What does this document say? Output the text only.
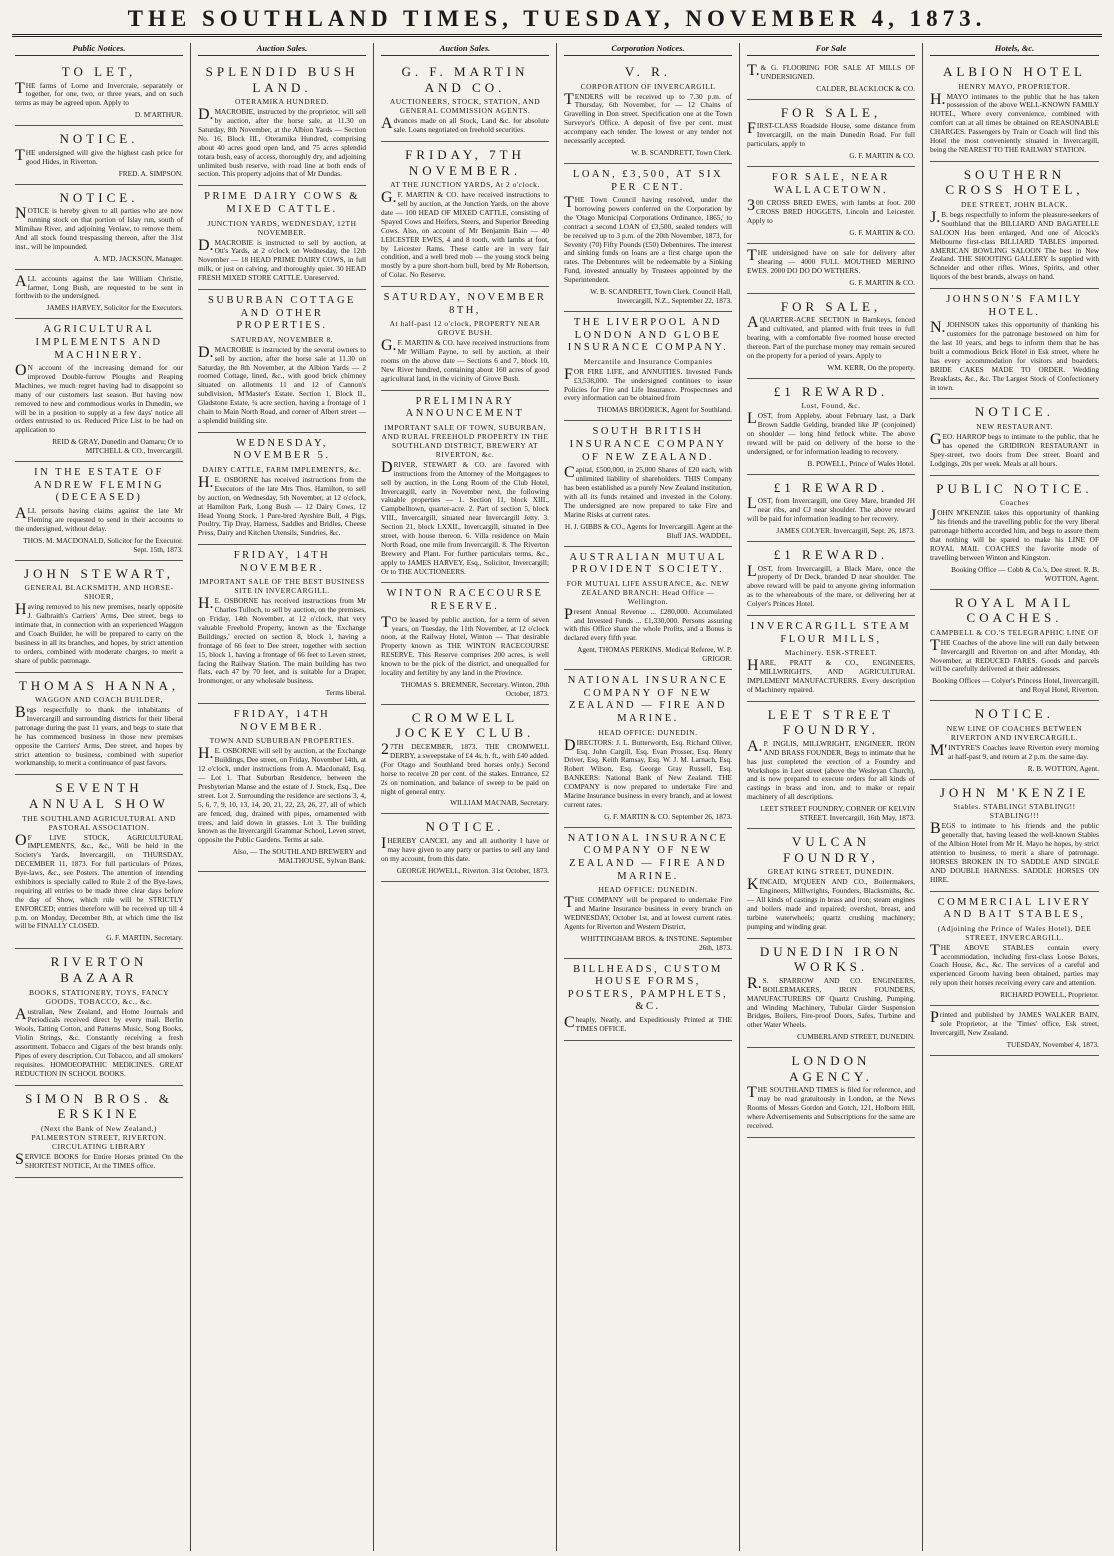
THE SOUTHLAND TIMES, TUESDAY, NOVEMBER 4, 1873.
Public Notices.
TO LET,
THE farms of Lorne and Invercraie, separately or together, for one, two, or three years, and on such terms as may be agreed upon. Apply to
D. M'ARTHUR.
NOTICE.
THE undersigned will give the highest cash price for good Hides, in Riverton.
FRED. A. SIMPSON.
NOTICE.
NOTICE is hereby given to all parties who are now running stock on that portion of Islay run, south of Mimihau River, and adjoining Venlaw, to remove them. And all stock found trespassing thereon, after the 31st inst., will be impounded.
A. M'D. JACKSON, Manager.
ALL accounts against the late William Christie, farmer, Long Bush, are requested to be sent in forthwith to the undersigned.
JAMES HARVEY, Solicitor for the Executors.
AGRICULTURAL IMPLEMENTS AND MACHINERY.
ON account of the increasing demand for our improved Double-furrow Ploughs and Reaping Machines, we much regret having had to disappoint so many of our customers last season. But having now removed to new and commodious works in Dunedin, we will be in a position to supply at a few days' notice all orders entrusted to us. Reduced Price List to be had on application to
REID & GRAY, Dunedin and Oamaru; Or to MITCHELL & CO., Invercargill.
IN THE ESTATE OF ANDREW FLEMING (DECEASED)
ALL persons having claims against the late Mr Fleming are requested to send in their accounts to the undersigned, without delay.
THOS. M. MACDONALD, Solicitor for the Executor. Sept. 15th, 1873.
JOHN STEWART,
GENERAL BLACKSMITH, AND HORSE-SHOER,
Having removed to his new premises, nearly opposite J. Galbraith's Carriers' Arms, Dee street, begs to intimate that, in connection with an experienced Waggon and Coach Builder, he will be prepared to carry on the business in all its branches, and hopes, by strict attention to orders, combined with moderate charges, to merit a share of public patronage.
THOMAS HANNA,
WAGGON AND COACH BUILDER,
Begs respectfully to thank the inhabitants of Invercargill and surrounding districts for their liberal patronage during the past 11 years, and begs to state that he has commenced business in those new premises opposite the Carriers' Arms, Dee street, and hopes by strict attention to business, combined with superior workmanship, to merit a continuance of past favors.
SEVENTH ANNUAL SHOW
THE SOUTHLAND AGRICULTURAL AND PASTORAL ASSOCIATION.
OF LIVE STOCK, AGRICULTURAL IMPLEMENTS, &c., &c., Will be held in the Society's Yards, Invercargill, on THURSDAY, DECEMBER 11, 1873. For full particulars of Prizes, Bye-laws, &c., see Posters. The attention of intending exhibitors is specially called to Rule 2 of the Bye-laws, requiring all entries to be made three clear days before the day of Show, which rule will be STRICTLY ENFORCED; entries therefore will be received up till 4 p.m. on Monday, December 8th, at which time the list will be FINALLY CLOSED.
G. F. MARTIN, Secretary.
RIVERTON BAZAAR
BOOKS, STATIONERY, TOYS, FANCY GOODS, TOBACCO, &c., &c.
Australian, New Zealand, and Home Journals and Periodicals received direct by every mail. Berlin Wools, Tatting Cotton, and Patterns Music, Song Books, Violin Strings, &c. Constantly receiving a fresh assortment. Tobacco and Cigars of the best brands only. Pipes of every description. Cut Tobacco, and all smokers' requisites. HOMOEOPATHIC MEDICINES. GREAT REDUCTION IN SCHOOL BOOKS.
SIMON BROS. & ERSKINE
(Next the Bank of New Zealand,) PALMERSTON STREET, RIVERTON. CIRCULATING LIBRARY
SERVICE BOOKS for Entire Horses printed On the SHORTEST NOTICE, At the TIMES office.
Auction Sales.
SPLENDID BUSH LAND.
OTERAMIKA HUNDRED.
D.MACROBIE, instructed by the proprietor, will sell by auction, after the horse sale, at 11.30 on Saturday, 8th November, at the Albion Yards — Section No. 16, Block III., Oteramika Hundred, comprising about 40 acres good open land, and 75 acres splendid totara bush, easy of access, thoroughly dry, and adjoining unlimited bush reserve, with road line at both ends of section. This property adjoins that of Mr Dundas.
PRIME DAIRY COWS & MIXED CATTLE.
JUNCTION YARDS, WEDNESDAY, 12TH NOVEMBER.
D.MACROBIE is instructed to sell by auction, at Ott's Yards, at 2 o'clock on Wednesday, the 12th November — 18 HEAD PRIME DAIRY COWS, in full milk, or just on calving, and thoroughly quiet. 30 HEAD FRESH MIXED STORE CATTLE. Unreserved.
SUBURBAN COTTAGE AND OTHER PROPERTIES.
SATURDAY, NOVEMBER 8.
D.MACROBIE is instructed by the several owners to sell by auction, after the horse sale at 11.30 on Saturday, the 8th November, at the Albion Yards — 2 roomed Cottage, lined, &c., with good brick chimney situated on allotments 11 and 12 of Cannon's subdivision, M'Master's Estate. Section 1, Block II., Gladstone Estate, ¼ acre section, having a frontage of 1 chain to Main North Road, and corner of Albert street — a splendid building site.
WEDNESDAY, NOVEMBER 5.
DAIRY CATTLE, FARM IMPLEMENTS, &c.
H.E. OSBORNE has received instructions from the Executors of the late Mrs Thos. Hamilton, to sell by auction, on Wednesday, 5th November, at 12 o'clock, at Hamilton Park, Long Bush — 12 Dairy Cows, 12 Head Young Stock, 1 Pure-bred Ayrshire Bull, 4 Pigs, Poultry, Tip Dray, Harness, Saddles and Bridles, Cheese Press, Dairy and Kitchen Utensils, Sundries, &c.
FRIDAY, 14TH NOVEMBER.
IMPORTANT SALE OF THE BEST BUSINESS SITE IN INVERCARGILL.
H.E. OSBORNE has received instructions from Mr Charles Tulloch, to sell by auction, on the premises, on Friday, 14th November, at 12 o'clock, that very valuable Freehold Property, known as the 'Exchange Buildings,' erected on section 8, block 1, having a frontage of 66 feet to Dee street, together with section 15, block 1, having a frontage of 66 feet to Leven street, facing the Railway Station. The main building has two flats, each 47 by 70 feet, and is suitable for a Draper, Ironmonger, or any wholesale business.
Terms liberal.
FRIDAY, 14TH NOVEMBER.
TOWN AND SUBURBAN PROPERTIES.
H.E. OSBORNE will sell by auction, at the Exchange Buildings, Dee street, on Friday, November 14th, at 12 o'clock, under instructions from A. Macdonald, Esq. — Lot 1. That Suburban Residence, between the Presbyterian Manse and the estate of J. Stock, Esq., Dee street. Lot 2. Surrounding the residence are sections 3, 4, 5, 6, 7, 9, 10, 13, 14, 20, 21, 22, 23, 26, 27, all of which are fenced, dug, drained with pipes, ornamented with trees, and laid down in grasses. Lot 3. The building known as the Invercargill Grammar School, Leven street, opposite the Public Gardens. Terms at sale.
Also, — The SOUTHLAND BREWERY and MALTHOUSE, Sylvan Bank.
Auction Sales.
G. F. MARTIN AND CO.
AUCTIONEERS, STOCK, STATION, AND GENERAL COMMISSION AGENTS.
Advances made on all Stock, Land &c. for absolute sale. Loans negotiated on freehold securities.
FRIDAY, 7TH NOVEMBER.
AT THE JUNCTION YARDS, At 2 o'clock.
G.F. MARTIN & CO. have received instructions to sell by auction, at the Junction Yards, on the above date — 100 HEAD OF MIXED CATTLE, consisting of Spayed Cows and Heifers, Steers, and Superior Breeding Cows. Also, on account of Mr Benjamin Bain — 40 LEICESTER EWES, 4 and 8 tooth, with lambs at foot, by Leicester Rams. These cattle are in very fair condition, and a well bred mob — the young stock being mostly by a pure short-horn bull, bred by Mr Robertson, of Colac. No Reserve.
SATURDAY, NOVEMBER 8TH,
At half-past 12 o'clock, PROPERTY NEAR GROVE BUSH.
G.F. MARTIN & CO. have received instructions from Mr William Payne, to sell by auction, at their rooms on the above date — Sections 6 and 7, block 10, New River hundred, containing about 160 acres of good agricultural land, in the vicinity of Grove Bush.
PRELIMINARY ANNOUNCEMENT
IMPORTANT SALE OF TOWN, SUBURBAN, AND RURAL FREEHOLD PROPERTY IN THE SOUTHLAND DISTRICT, BREWERY AT RIVERTON, &c.
DRIVER, STEWART & CO. are favored with instructions from the Attorney of the Mortgagees to sell by auction, in the Long Room of the Club Hotel, Invercargill, early in November next, the following valuable properties — 1. Section 11, block XIII., Campbelltown, quarter-acre. 2. Part of section 5, block VIII., Invercargill, situated near Invercargill Jetty. 3. Section 21, block LXXII., Invercargill, situated in Dee street, with house thereon. 6. Villa residence on Main North Road, one mile from Invercargill. 8. The Riverton Brewery and Plant. For further particulars terms, &c., apply to JAMES HARVEY, Esq., Solicitor, Invercargill; Or to THE AUCTIONEERS.
WINTON RACECOURSE RESERVE.
TO be leased by public auction, for a term of seven years, on Tuesday, the 11th November, at 12 o'clock noon, at the Railway Hotel, Winton — That desirable Property known as THE WINTON RACECOURSE RESERVE. This Reserve comprises 200 acres, is well known to be the pick of the district, and unequalled for locality and fertility by any land in the Province.
THOMAS S. BREMNER, Secretary. Winton, 20th October, 1873.
CROMWELL JOCKEY CLUB.
27TH DECEMBER, 1873. THE CROMWELL DERBY, a sweepstake of £4 4s, h. ft., with £40 added. (For Otago and Southland bred horses only.) Second horse to receive 20 per cent. of the stakes. Entrance, £2 2s on nomination, and balance of sweep to be paid on night of general entry.
WILLIAM MACNAB, Secretary.
NOTICE.
IHEREBY CANCEL any and all authority I have or may have given to any party or parties to sell any land on my account, from this date.
GEORGE HOWELL, Riverton. 31st October, 1873.
Corporation Notices.
V. R.
CORPORATION OF INVERCARGILL
TENDERS will be received up to 7.30 p.m. of Thursday, 6th November, for — 12 Chains of Gravelling in Don street. Specification one at the Town Surveyor's Office. A deposit of five per cent. must accompany each tender. The lowest or any tender not necessarily accepted.
W. B. SCANDRETT, Town Clerk.
LOAN, £3,500, AT SIX PER CENT.
THE Town Council having resolved, under the borrowing powers conferred on the Corporation by the 'Otago Municipal Corporations Ordinance, 1865,' to contract a second LOAN of £3,500, sealed tenders will be received up to 3 p.m. of the 20th November, 1873, for Seventy (70) Fifty Pounds (£50) Debentures. The interest and sinking funds on loans are a first charge upon the rates. The Debentures will be redeemable by a Sinking Fund, invested annually by Trustees appointed by the Superintendent.
W. B. SCANDRETT, Town Clerk. Council Hall, Invercargill, N.Z., September 22, 1873.
THE LIVERPOOL AND LONDON AND GLOBE INSURANCE COMPANY.
Mercantile and Insurance Companies
FOR FIRE LIFE, and ANNUITIES. Invested Funds £3,538,000. The undersigned continues to issue Policies for Fire and Life Insurance. Prospectuses and every information can be obtained from
THOMAS BRODRICK, Agent for Southland.
SOUTH BRITISH INSURANCE COMPANY OF NEW ZEALAND.
Capital, £500,000, in 25,000 Shares of £20 each, with unlimited liability of shareholders. THIS Company has been established as a purely New Zealand institution, with all its funds retained and invested in the Colony. The undersigned are now prepared to take Fire and Marine Risks at current rates.
H. J. GIBBS & CO., Agents for Invercargill. Agent at the Bluff JAS. WADDEL.
AUSTRALIAN MUTUAL PROVIDENT SOCIETY.
FOR MUTUAL LIFE ASSURANCE, &c. NEW ZEALAND BRANCH: Head Office — Wellington.
Present Annual Revenue ... £280,000. Accumulated and Invested Funds ... £1,330,000. Persons assuring with this Office share the whole Profits, and a Bonus is declared every fifth year.
Agent, THOMAS PERKINS. Medical Referee, W. P. GRIGOR.
NATIONAL INSURANCE COMPANY OF NEW ZEALAND — FIRE AND MARINE.
HEAD OFFICE: DUNEDIN.
DIRECTORS: J. L. Butterworth, Esq. Richard Oliver, Esq. John Cargill, Esq. Evan Prosser, Esq. Henry Driver, Esq. Keith Ramsay, Esq. W. J. M. Larnach, Esq. Robert Wilson, Esq. George Gray Russell, Esq. BANKERS: National Bank of New Zealand. THE COMPANY is now prepared to undertake Fire and Marine Insurance business in every branch, and at lowest current rates.
G. F. MARTIN & CO. September 26, 1873.
NATIONAL INSURANCE COMPANY OF NEW ZEALAND — FIRE AND MARINE.
HEAD OFFICE: DUNEDIN.
THE COMPANY will be prepared to undertake Fire and Marine Insurance business in every branch on WEDNESDAY, October 1st, and at lowest current rates. Agents for Riverton and Western District,
WHITTINGHAM BROS. & INSTONE. September 26th, 1873.
BILLHEADS, CUSTOM HOUSE FORMS, POSTERS, PAMPHLETS, &C.
Cheaply, Neatly, and Expeditiously Printed at THE TIMES OFFICE.
For Sale
T.& G. FLOORING FOR SALE AT MILLS OF UNDERSIGNED.
CALDER, BLACKLOCK & CO.
FOR SALE,
FIRST-CLASS Roadside House, some distance from Invercargill, on the main Dunedin Road. For full particulars, apply to
G. F. MARTIN & CO.
FOR SALE, NEAR WALLACETOWN.
300 CROSS BRED EWES, with lambs at foot. 200 CROSS BRED HOGGETS, Lincoln and Leicester. Apply to
G. F. MARTIN & CO.
THE undersigned have on sale for delivery after shearing — 4000 FULL MOUTHED MERINO EWES. 2000 DO DO DO WETHERS.
G. F. MARTIN & CO.
FOR SALE,
AQUARTER-ACRE SECTION in Barnkeys, fenced and cultivated, and planted with fruit trees in full bearing, with a comfortable five roomed house erected thereon. Part of the purchase money may remain secured on the property for a period of years. Apply to
WM. KERR, On the property.
£1 REWARD.
Lost, Found, &c.
LOST, from Appleby, about February last, a Dark Brown Saddle Gelding, branded like JP (conjoined) on shoulder — long hind fetlock white. The above reward will be paid on delivery of the horse to the undersigned, or for information leading to recovery.
B. POWELL, Prince of Wales Hotel.
£1 REWARD.
LOST, from Invercargill, one Grey Mare, branded JH near ribs, and CJ near shoulder. The above reward will be paid for information leading to her recovery.
JAMES COLYER. Invercargill, Sept. 26, 1873.
£1 REWARD.
LOST, from Invercargill, a Black Mare, once the property of Dr Deck, branded D near shoulder. The above reward will be paid to anyone giving information as to the whereabouts of the mare, or delivering her at Colyer's Princes Hotel.
INVERCARGILL STEAM FLOUR MILLS,
Machinery. ESK-STREET.
HARE, PRATT & CO., ENGINEERS, MILLWRIGHTS, AND AGRICULTURAL IMPLEMENT MANUFACTURERS. Every description of Machinery repaired.
LEET STREET FOUNDRY.
A.P. INGLIS, MILLWRIGHT, ENGINEER, IRON AND BRASS FOUNDER, Begs to intimate that he has just completed the erection of a Foundry and Workshops in Leet street (above the Wesleyan Church), and is now prepared to execute orders for all kinds of castings in brass and iron, and to make or repair machinery of all descriptions.
LEET STREET FOUNDRY, CORNER OF KELVIN STREET. Invercargill, 16th May, 1873.
VULCAN FOUNDRY,
GREAT KING STREET, DUNEDIN.
KINCAID, M'QUEEN AND CO., Boilermakers, Engineers, Millwrights, Founders, Blacksmiths, &c. — All kinds of castings in brass and iron; steam engines and boilers made and repaired; overshot, breast, and turbine waterwheels; quartz crushing machinery; pumping and winding gear.
DUNEDIN IRON WORKS.
R.S. SPARROW AND CO. ENGINEERS, BOILERMAKERS, IRON FOUNDERS, MANUFACTURERS OF Quartz Crushing, Pumping, and Winding Machinery, Tubular Girder Suspension Bridges, Boilers, Fire-proof Doors, Safes, Turbine and other Water Wheels.
CUMBERLAND STREET, DUNEDIN.
LONDON AGENCY.
THE SOUTHLAND TIMES is filed for reference, and may be read gratuitously in London, at the News Rooms of Messrs Gordon and Gotch, 121, Holborn Hill, where Advertisements and Subscriptions for the same are received.
Hotels, &c.
ALBION HOTEL
HENRY MAYO, PROPRIETOR.
H.MAYO intimates to the public that he has taken possession of the above WELL-KNOWN FAMILY HOTEL, Where every convenience, combined with comfort can at all times be obtained on REASONABLE CHARGES. Passengers by Train or Coach will find this Hotel the most conveniently situated in Invercargill, being the NEAREST TO THE RAILWAY STATION.
SOUTHERN CROSS HOTEL,
DEE STREET, JOHN BLACK.
J.B. begs respectfully to inform the pleasure-seekers of Southland that the BILLIARD AND BAGATELLE SALOON Has been enlarged, And one of Alcock's Melbourne first-class BILLIARD TABLES imported. AMERICAN BOWLING SALOON The best in New Zealand. THE SHOOTING GALLERY Is supplied with Schneider and other rifles. Wines, Spirits, and other liquors of the best brands, always on hand.
JOHNSON'S FAMILY HOTEL.
N.JOHNSON takes this opportunity of thanking his customers for the patronage bestowed on him for the last 10 years, and begs to inform them that he has built a commodious Brick Hotel in Esk street, where he has every accommodation for visitors and boarders. BRIDE CAKES MADE TO ORDER. Wedding Breakfasts, &c., &c. The Largest Stock of Confectionery in town.
NOTICE.
NEW RESTAURANT.
GEO. HARROP begs to intimate to the public, that he has opened the GRIDIRON RESTAURANT in Spey-street, two doors from Dee street. Board and Lodgings, 20s per week. Meals at all hours.
PUBLIC NOTICE.
Coaches
JOHN M'KENZIE takes this opportunity of thanking his friends and the travelling public for the very liberal patronage hitherto accorded him, and begs to assure them that nothing will be spared to make his LINE OF ROYAL MAIL COACHES the favorite mode of travelling between Winton and Kingston.
Booking Office — Cobb & Co.'s, Dee street. R. B. WOTTON, Agent.
ROYAL MAIL COACHES.
CAMPBELL & CO.'S TELEGRAPHIC LINE OF
THE Coaches of the above line will run daily between Invercargill and Riverton on and after Monday, 4th November, at REDUCED FARES. Goods and parcels will be carefully delivered at their addresses.
Booking Offices — Colyer's Princess Hotel, Invercargill, and Royal Hotel, Riverton.
NOTICE.
NEW LINE OF COACHES BETWEEN RIVERTON AND INVERCARGILL.
M'INTYRE'S Coaches leave Riverton every morning at half-past 9, and return at 2 p.m. the same day.
R. B. WOTTON, Agent.
JOHN M'KENZIE
Stables. STABLING! STABLING!! STABLING!!!
BEGS to intimate to his friends and the public generally that, having leased the well-known Stables of the Albion Hotel from Mr H. Mayo he hopes, by strict attention to business, to merit a share of patronage. HORSES BROKEN IN TO SADDLE AND SINGLE AND DOUBLE HARNESS. SADDLE HORSES ON HIRE.
COMMERCIAL LIVERY AND BAIT STABLES,
(Adjoining the Prince of Wales Hotel), DEE STREET, INVERCARGILL.
THE ABOVE STABLES contain every accommodation, including first-class Loose Boxes, Coach House, &c., &c. The services of a careful and experienced Groom having been obtained, parties may rely upon their horses receiving every care and attention.
RICHARD POWELL, Proprietor.
Printed and published by JAMES WALKER BAIN, sole Proprietor, at the 'Times' office, Esk street, Invercargill, New Zealand.
TUESDAY, November 4, 1873.
